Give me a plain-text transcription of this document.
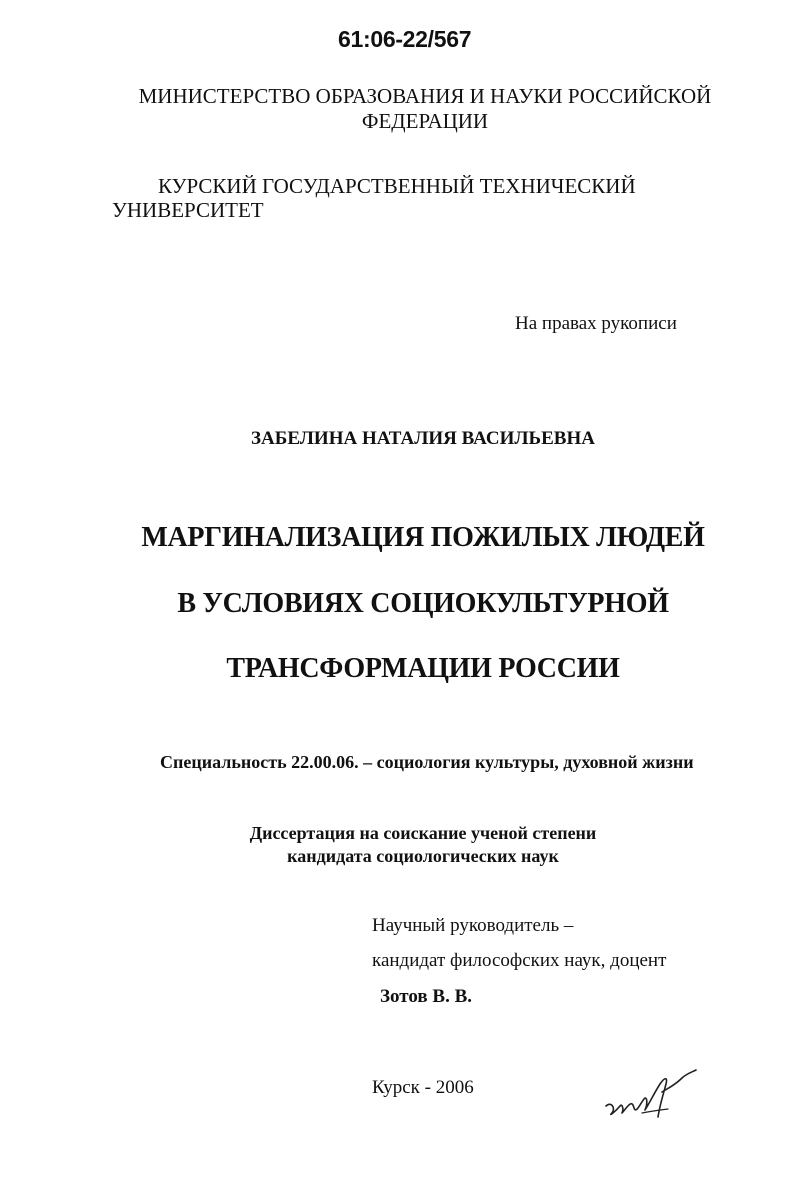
61:06-22/567
МИНИСТЕРСТВО ОБРАЗОВАНИЯ И НАУКИ РОССИЙСКОЙ ФЕДЕРАЦИИ
КУРСКИЙ ГОСУДАРСТВЕННЫЙ ТЕХНИЧЕСКИЙ
УНИВЕРСИТЕТ
На правах рукописи
ЗАБЕЛИНА НАТАЛИЯ ВАСИЛЬЕВНА
МАРГИНАЛИЗАЦИЯ ПОЖИЛЫХ ЛЮДЕЙ
В УСЛОВИЯХ СОЦИОКУЛЬТУРНОЙ
ТРАНСФОРМАЦИИ РОССИИ
Специальность 22.00.06. – социология культуры, духовной жизни
Диссертация на соискание ученой степени
кандидата социологических наук
Научный руководитель –
кандидат философских наук, доцент
Зотов В. В.
Курск - 2006
